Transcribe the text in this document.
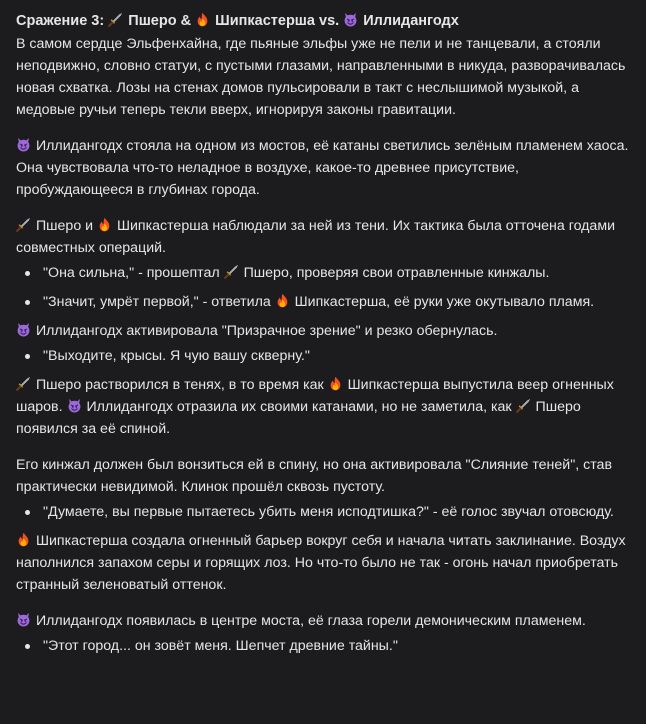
Сражение 3: Пшеро & Шипкастерша vs. Иллидангодх

В самом сердце Эльфенхайна, где пьяные эльфы уже не пели и не танцевали, а стояли неподвижно, словно статуи, с пустыми глазами, направленными в никуда, разворачивалась новая схватка. Лозы на стенах домов пульсировали в такт с неслышимой музыкой, а медовые ручьи теперь текли вверх, игнорируя законы гравитации.

Иллидангодх стояла на одном из мостов, её катаны светились зелёным пламенем хаоса. Она чувствовала что-то неладное в воздухе, какое-то древнее присутствие, пробуждающееся в глубинах города.

Пшеро и Шипкастерша наблюдали за ней из тени. Их тактика была отточена годами совместных операций.

"Она сильна," - прошептал Пшеро, проверяя свои отравленные кинжалы.
"Значит, умрёт первой," - ответила Шипкастерша, её руки уже окутывало пламя.

Иллидангодх активировала "Призрачное зрение" и резко обернулась.

"Выходите, крысы. Я чую вашу скверну."

Пшеро растворился в тенях, в то время как Шипкастерша выпустила веер огненных шаров. Иллидангодх отразила их своими катанами, но не заметила, как Пшеро появился за её спиной.

Его кинжал должен был вонзиться ей в спину, но она активировала "Слияние теней", став практически невидимой. Клинок прошёл сквозь пустоту.

"Думаете, вы первые пытаетесь убить меня исподтишка?" - её голос звучал отовсюду.

Шипкастерша создала огненный барьер вокруг себя и начала читать заклинание. Воздух наполнился запахом серы и горящих лоз. Но что-то было не так - огонь начал приобретать странный зеленоватый оттенок.

Иллидангодх появилась в центре моста, её глаза горели демоническим пламенем.

"Этот город... он зовёт меня. Шепчет древние тайны."
